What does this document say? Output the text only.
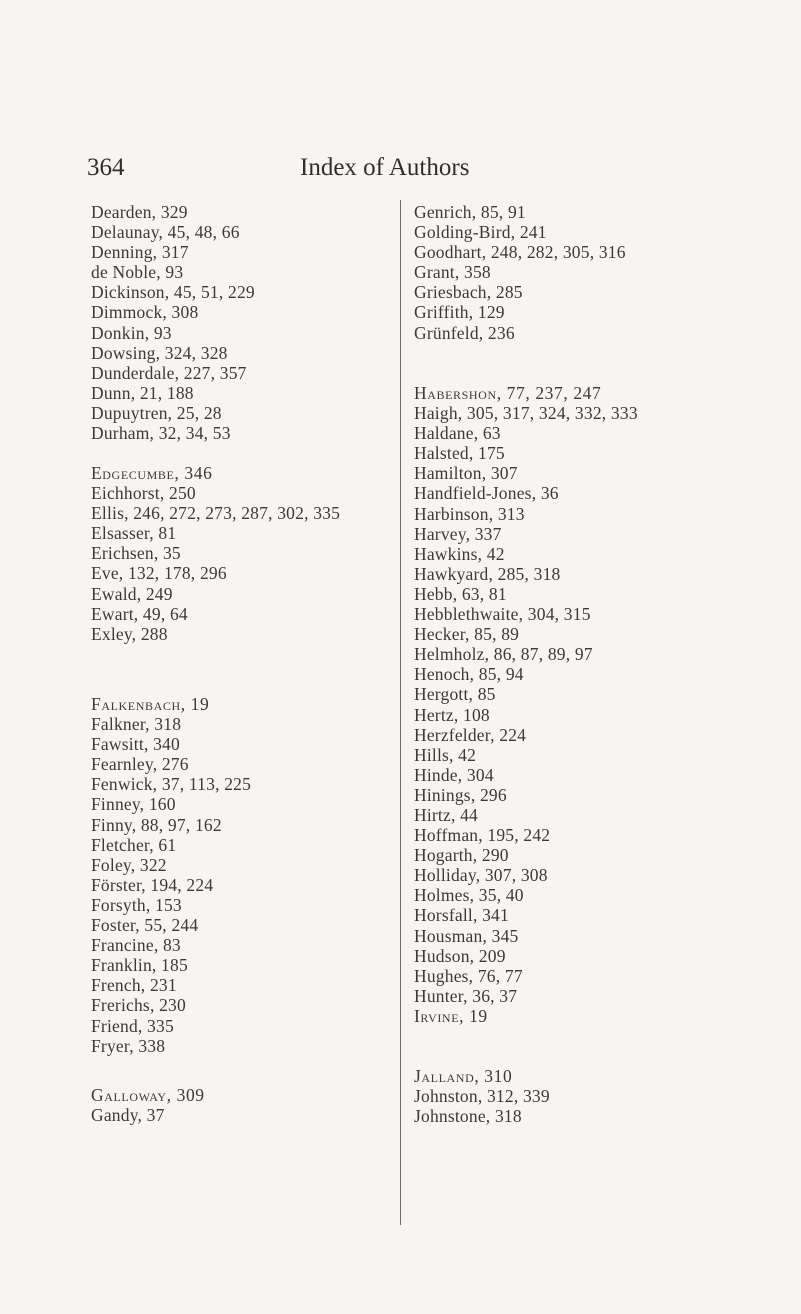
364	Index of Authors
Dearden, 329
Delaunay, 45, 48, 66
Denning, 317
de Noble, 93
Dickinson, 45, 51, 229
Dimmock, 308
Donkin, 93
Dowsing, 324, 328
Dunderdale, 227, 357
Dunn, 21, 188
Dupuytren, 25, 28
Durham, 32, 34, 53
Edgecumbe, 346
Eichhorst, 250
Ellis, 246, 272, 273, 287, 302, 335
Elsasser, 81
Erichsen, 35
Eve, 132, 178, 296
Ewald, 249
Ewart, 49, 64
Exley, 288
Falkenbach, 19
Falkner, 318
Fawsitt, 340
Fearnley, 276
Fenwick, 37, 113, 225
Finney, 160
Finny, 88, 97, 162
Fletcher, 61
Foley, 322
Förster, 194, 224
Forsyth, 153
Foster, 55, 244
Francine, 83
Franklin, 185
French, 231
Frerichs, 230
Friend, 335
Fryer, 338
Galloway, 309
Gandy, 37
Genrich, 85, 91
Golding-Bird, 241
Goodhart, 248, 282, 305, 316
Grant, 358
Griesbach, 285
Griffith, 129
Grünfeld, 236
Habershon, 77, 237, 247
Haigh, 305, 317, 324, 332, 333
Haldane, 63
Halsted, 175
Hamilton, 307
Handfield-Jones, 36
Harbinson, 313
Harvey, 337
Hawkins, 42
Hawkyard, 285, 318
Hebb, 63, 81
Hebblethwaite, 304, 315
Hecker, 85, 89
Helmholz, 86, 87, 89, 97
Henoch, 85, 94
Hergott, 85
Hertz, 108
Herzfelder, 224
Hills, 42
Hinde, 304
Hinings, 296
Hirtz, 44
Hoffman, 195, 242
Hogarth, 290
Holliday, 307, 308
Holmes, 35, 40
Horsfall, 341
Housman, 345
Hudson, 209
Hughes, 76, 77
Hunter, 36, 37
Irvine, 19
Jalland, 310
Johnston, 312, 339
Johnstone, 318
